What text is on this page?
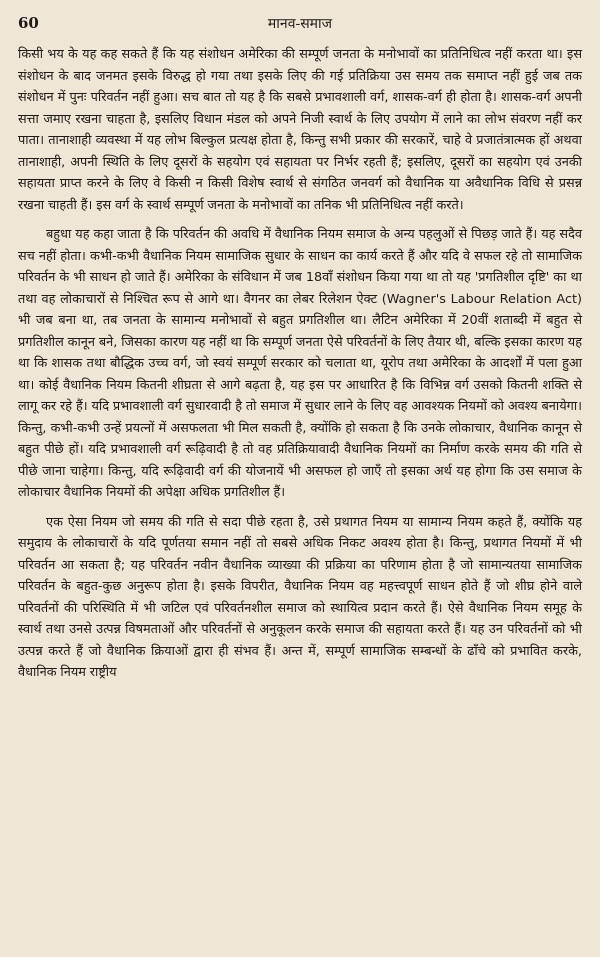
60	मानव-समाज

किसी भय के यह कह सकते हैं कि यह संशोधन अमेरिका की सम्पूर्ण जनता के मनोभावों का प्रतिनिधित्व नहीं करता था। इस संशोधन के बाद जनमत इसके विरुद्ध हो गया तथा इसके लिए की गई प्रतिक्रिया उस समय तक समाप्त नहीं हुई जब तक संशोधन में पुनः परिवर्तन नहीं हुआ। सच बात तो यह है कि सबसे प्रभावशाली वर्ग, शासक-वर्ग ही होता है। शासक-वर्ग अपनी सत्ता जमाए रखना चाहता है, इसलिए विधान मंडल को अपने निजी स्वार्थ के लिए उपयोग में लाने का लोभ संवरण नहीं कर पाता। तानाशाही व्यवस्था में यह लोभ बिल्कुल प्रत्यक्ष होता है, किन्तु सभी प्रकार की सरकारें, चाहे वे प्रजातंत्रात्मक हों अथवा तानाशाही, अपनी स्थिति के लिए दूसरों के सहयोग एवं सहायता पर निर्भर रहती हैं; इसलिए, दूसरों का सहयोग एवं उनकी सहायता प्राप्त करने के लिए वे किसी न किसी विशेष स्वार्थ से संगठित जनवर्ग को वैधानिक या अवैधानिक विधि से प्रसन्न रखना चाहती हैं। इस वर्ग के स्वार्थ सम्पूर्ण जनता के मनोभावों का तनिक भी प्रतिनिधित्व नहीं करते।

बहुधा यह कहा जाता है कि परिवर्तन की अवधि में वैधानिक नियम समाज के अन्य पहलुओं से पिछड़ जाते हैं। यह सदैव सच नहीं होता। कभी-कभी वैधानिक नियम सामाजिक सुधार के साधन का कार्य करते हैं और यदि वे सफल रहे तो सामाजिक परिवर्तन के भी साधन हो जाते हैं। अमेरिका के संविधान में जब 18वाँ संशोधन किया गया था तो यह 'प्रगतिशील दृष्टि' का था तथा वह लोकाचारों से निश्चित रूप से आगे था। वैगनर का लेबर रिलेशन ऐक्ट (Wagner's Labour Relation Act) भी जब बना था, तब जनता के सामान्य मनोभावों से बहुत प्रगतिशील था। लैटिन अमेरिका में 20वीं शताब्दी में बहुत से प्रगतिशील कानून बने, जिसका कारण यह नहीं था कि सम्पूर्ण जनता ऐसे परिवर्तनों के लिए तैयार थी, बल्कि इसका कारण यह था कि शासक तथा बौद्धिक उच्च वर्ग, जो स्वयं सम्पूर्ण सरकार को चलाता था, यूरोप तथा अमेरिका के आदर्शों में पला हुआ था। कोई वैधानिक नियम कितनी शीघ्रता से आगे बढ़ता है, यह इस पर आधारित है कि विभिन्न वर्ग उसको कितनी शक्ति से लागू कर रहे हैं। यदि प्रभावशाली वर्ग सुधारवादी है तो समाज में सुधार लाने के लिए वह आवश्यक नियमों को अवश्य बनायेगा। किन्तु, कभी-कभी उन्हें प्रयत्नों में असफलता भी मिल सकती है, क्योंकि हो सकता है कि उनके लोकाचार, वैधानिक कानून से बहुत पीछे हों। यदि प्रभावशाली वर्ग रूढ़िवादी है तो वह प्रतिक्रियावादी वैधानिक नियमों का निर्माण करके समय की गति से पीछे जाना चाहेगा। किन्तु, यदि रूढ़िवादी वर्ग की योजनायें भी असफल हो जाएँ तो इसका अर्थ यह होगा कि उस समाज के लोकाचार वैधानिक नियमों की अपेक्षा अधिक प्रगतिशील हैं।

एक ऐसा नियम जो समय की गति से सदा पीछे रहता है, उसे प्रथागत नियम या सामान्य नियम कहते हैं, क्योंकि यह समुदाय के लोकाचारों के यदि पूर्णतया समान नहीं तो सबसे अधिक निकट अवश्य होता है। किन्तु, प्रथागत नियमों में भी परिवर्तन आ सकता है; यह परिवर्तन नवीन वैधानिक व्याख्या की प्रक्रिया का परिणाम होता है जो सामान्यतया सामाजिक परिवर्तन के बहुत-कुछ अनुरूप होता है। इसके विपरीत, वैधानिक नियम वह महत्त्वपूर्ण साधन होते हैं जो शीघ्र होने वाले परिवर्तनों की परिस्थिति में भी जटिल एवं परिवर्तनशील समाज को स्थायित्व प्रदान करते हैं। ऐसे वैधानिक नियम समूह के स्वार्थ तथा उनसे उत्पन्न विषमताओं और परिवर्तनों से अनुकूलन करके समाज की सहायता करते हैं। यह उन परिवर्तनों को भी उत्पन्न करते हैं जो वैधानिक क्रियाओं द्वारा ही संभव हैं। अन्त में, सम्पूर्ण सामाजिक सम्बन्धों के ढाँचे को प्रभावित करके, वैधानिक नियम राष्ट्रीय
